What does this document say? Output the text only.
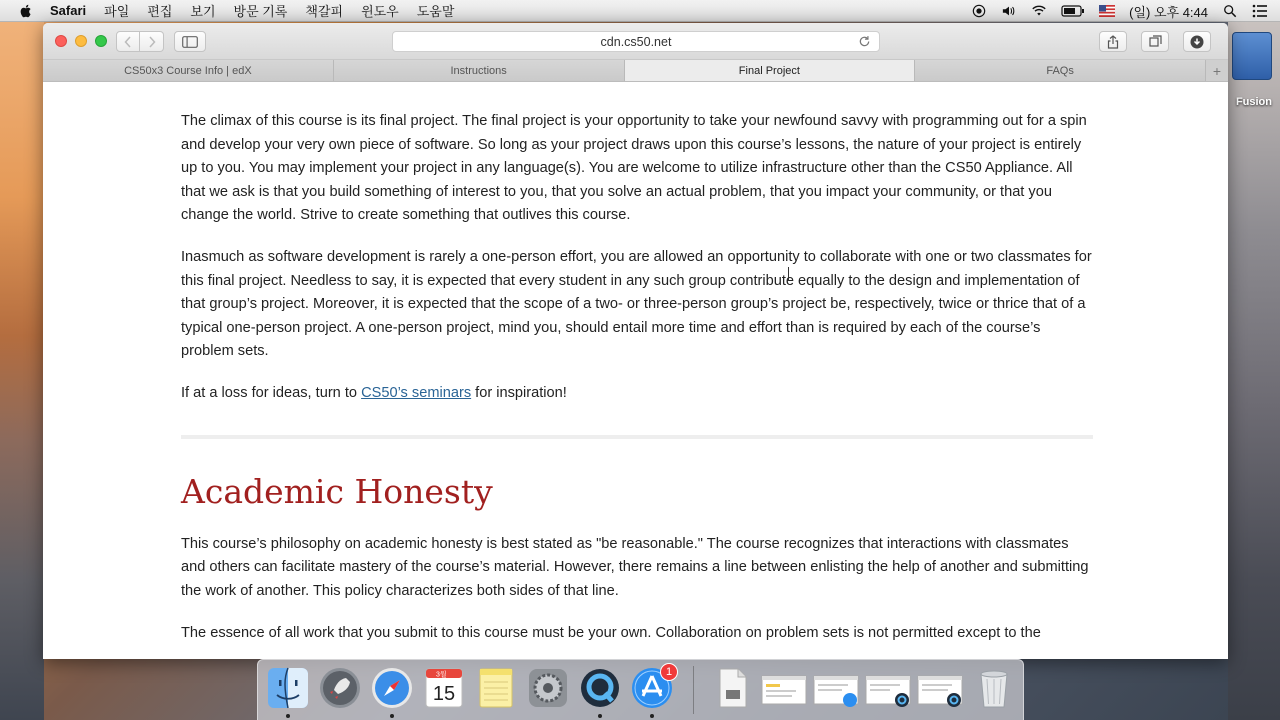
Fusion
Safari 파일 편집 보기 방문 기록 책갈피 윈도우 도움말	(일) 오후 4:44
cdn.cs50.net
CS50x3 Course Info | edX	Instructions	Final Project	FAQs	+

The climax of this course is its final project. The final project is your opportunity to take your newfound savvy with programming out for a spin and develop your very own piece of software. So long as your project draws upon this course’s lessons, the nature of your project is entirely up to you. You may implement your project in any language(s). You are welcome to utilize infrastructure other than the CS50 Appliance. All that we ask is that you build something of interest to you, that you solve an actual problem, that you impact your community, or that you change the world. Strive to create something that outlives this course.

Inasmuch as software development is rarely a one-person effort, you are allowed an opportunity to collaborate with one or two classmates for this final project. Needless to say, it is expected that every student in any such group contribute equally to the design and implementation of that group’s project. Moreover, it is expected that the scope of a two- or three-person group’s project be, respectively, twice or thrice that of a typical one-person project. A one-person project, mind you, should entail more time and effort than is required by each of the course’s problem sets.

If at a loss for ideas, turn to CS50’s seminars for inspiration!

Academic Honesty

This course’s philosophy on academic honesty is best stated as "be reasonable." The course recognizes that interactions with classmates and others can facilitate mastery of the course’s material. However, there remains a line between enlisting the help of another and submitting the work of another. This policy characterizes both sides of that line.

The essence of all work that you submit to this course must be your own. Collaboration on problem sets is not permitted except to the

3월
15
1
